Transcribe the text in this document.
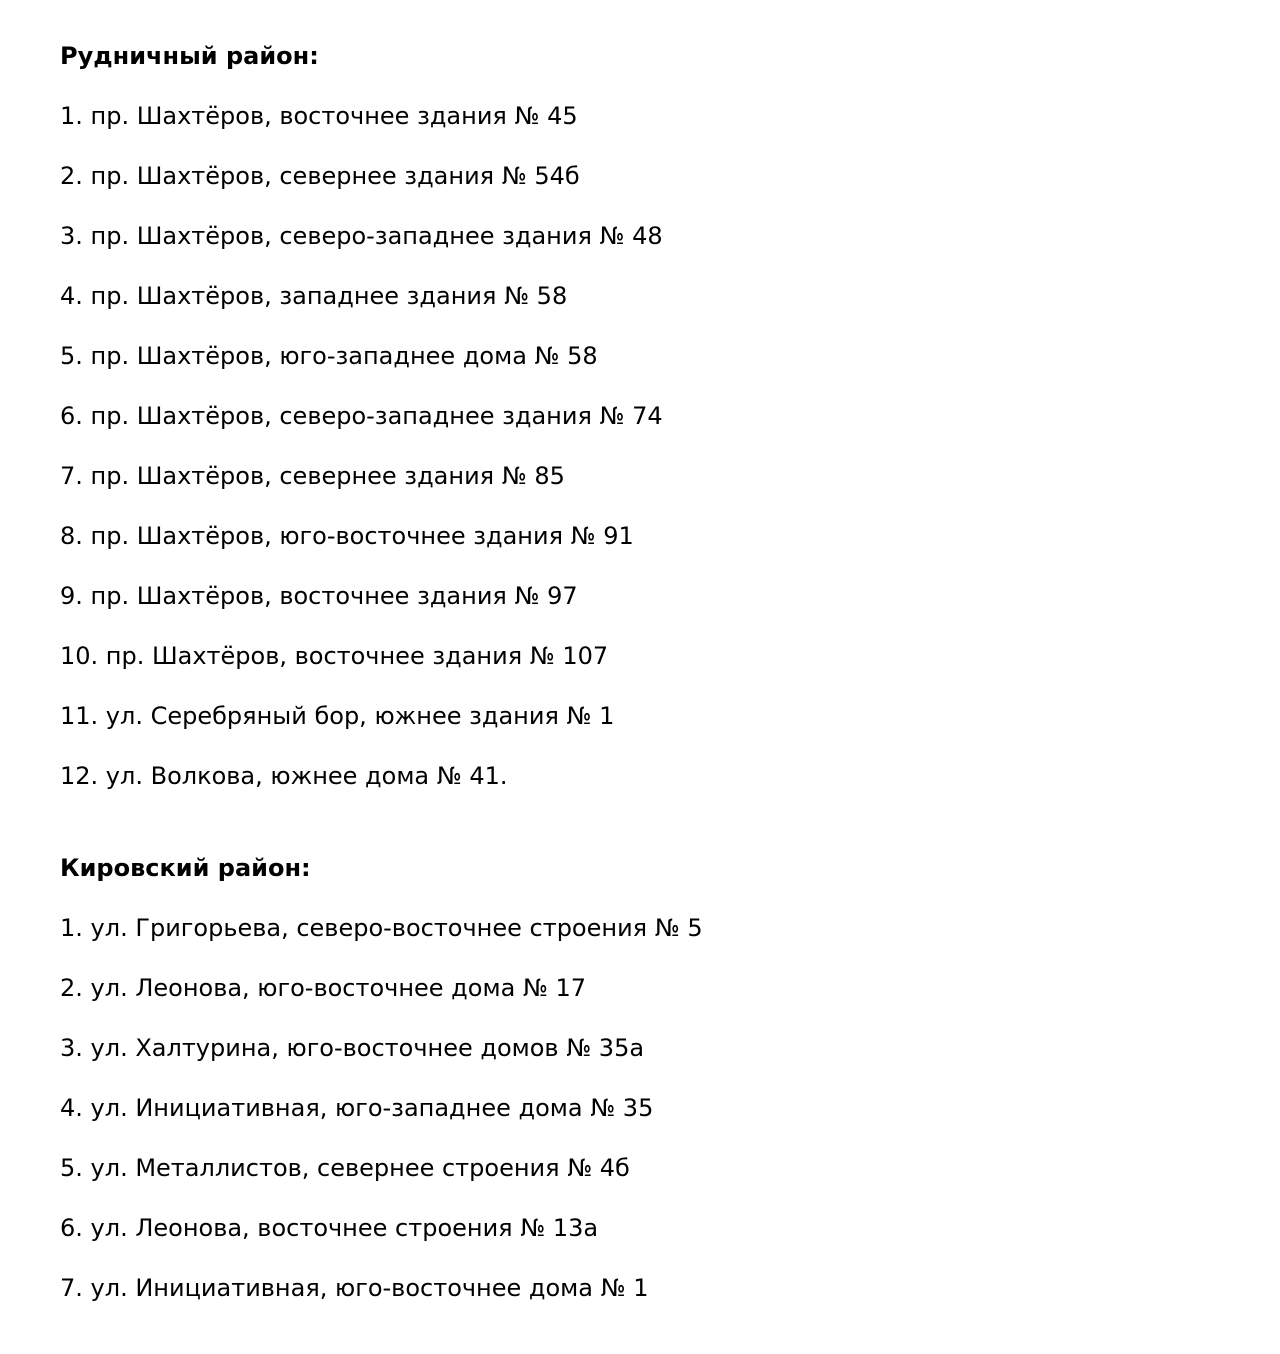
Рудничный район:
1. пр. Шахтёров, восточнее здания № 45
2. пр. Шахтёров, севернее здания № 54б
3. пр. Шахтёров, северо-западнее здания № 48
4. пр. Шахтёров, западнее здания № 58
5. пр. Шахтёров, юго-западнее дома № 58
6. пр. Шахтёров, северо-западнее здания № 74
7. пр. Шахтёров, севернее здания № 85
8. пр. Шахтёров, юго-восточнее здания № 91
9. пр. Шахтёров, восточнее здания № 97
10. пр. Шахтёров, восточнее здания № 107
11. ул. Серебряный бор, южнее здания № 1
12. ул. Волкова, южнее дома № 41.
Кировский район:
1. ул. Григорьева, северо-восточнее строения № 5
2. ул. Леонова, юго-восточнее дома № 17
3. ул. Халтурина, юго-восточнее домов № 35а
4. ул. Инициативная, юго-западнее дома № 35
5. ул. Металлистов, севернее строения № 4б
6. ул. Леонова, восточнее строения № 13а
7. ул. Инициативная, юго-восточнее дома № 1
